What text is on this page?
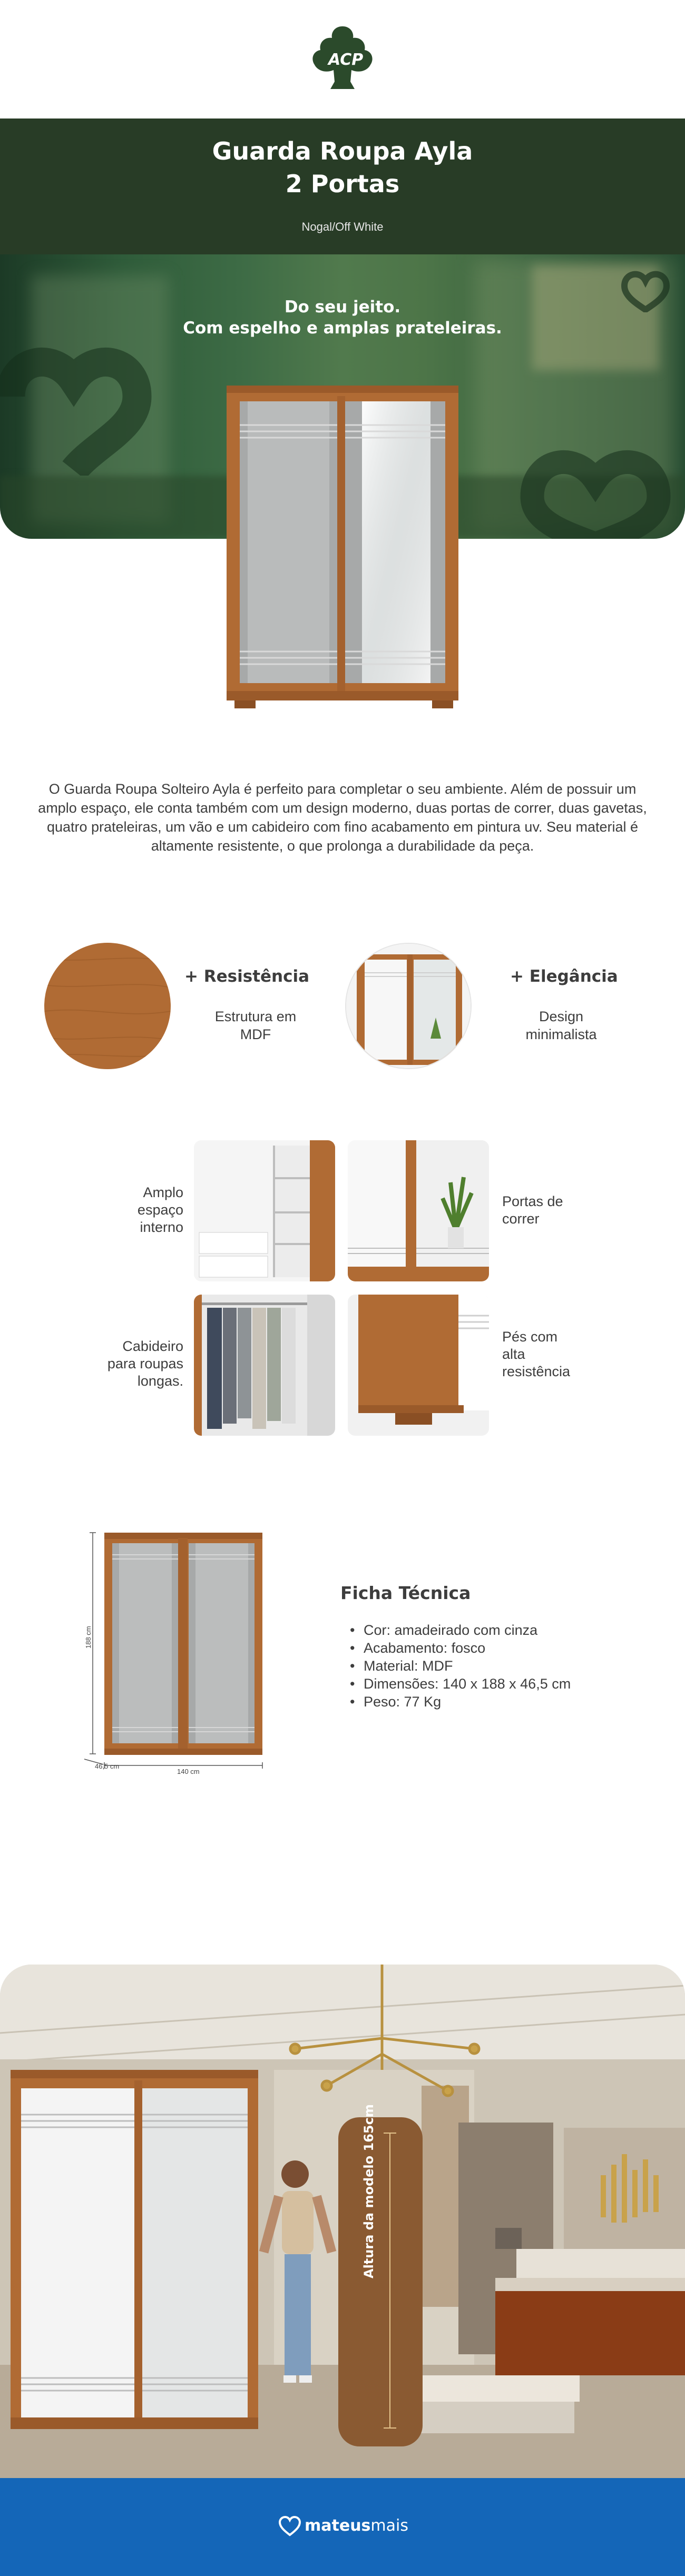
ACP
Guarda Roupa Ayla
2 Portas
Nogal/Off White
Do seu jeito.
Com espelho e amplas prateleiras.
O Guarda Roupa Solteiro Ayla é perfeito para completar o seu ambiente. Além de possuir um amplo espaço, ele conta também com um design moderno, duas portas de correr, duas gavetas, quatro prateleiras, um vão e um cabideiro com fino acabamento em pintura uv. Seu material é altamente resistente, o que prolonga a durabilidade da peça.
+ Resistência
Estrutura em
MDF
+ Elegância
Design
minimalista
Amplo
espaço
interno
Portas de
correr
Cabideiro
para roupas
longas.
Pés com
alta
resistência
188 cm
140 cm
46,5 cm
Ficha Técnica
• Cor: amadeirado com cinza
• Acabamento: fosco
• Material: MDF
• Dimensões: 140 x 188 x 46,5 cm
• Peso: 77 Kg
Altura da modelo 165cm
mateusmais
